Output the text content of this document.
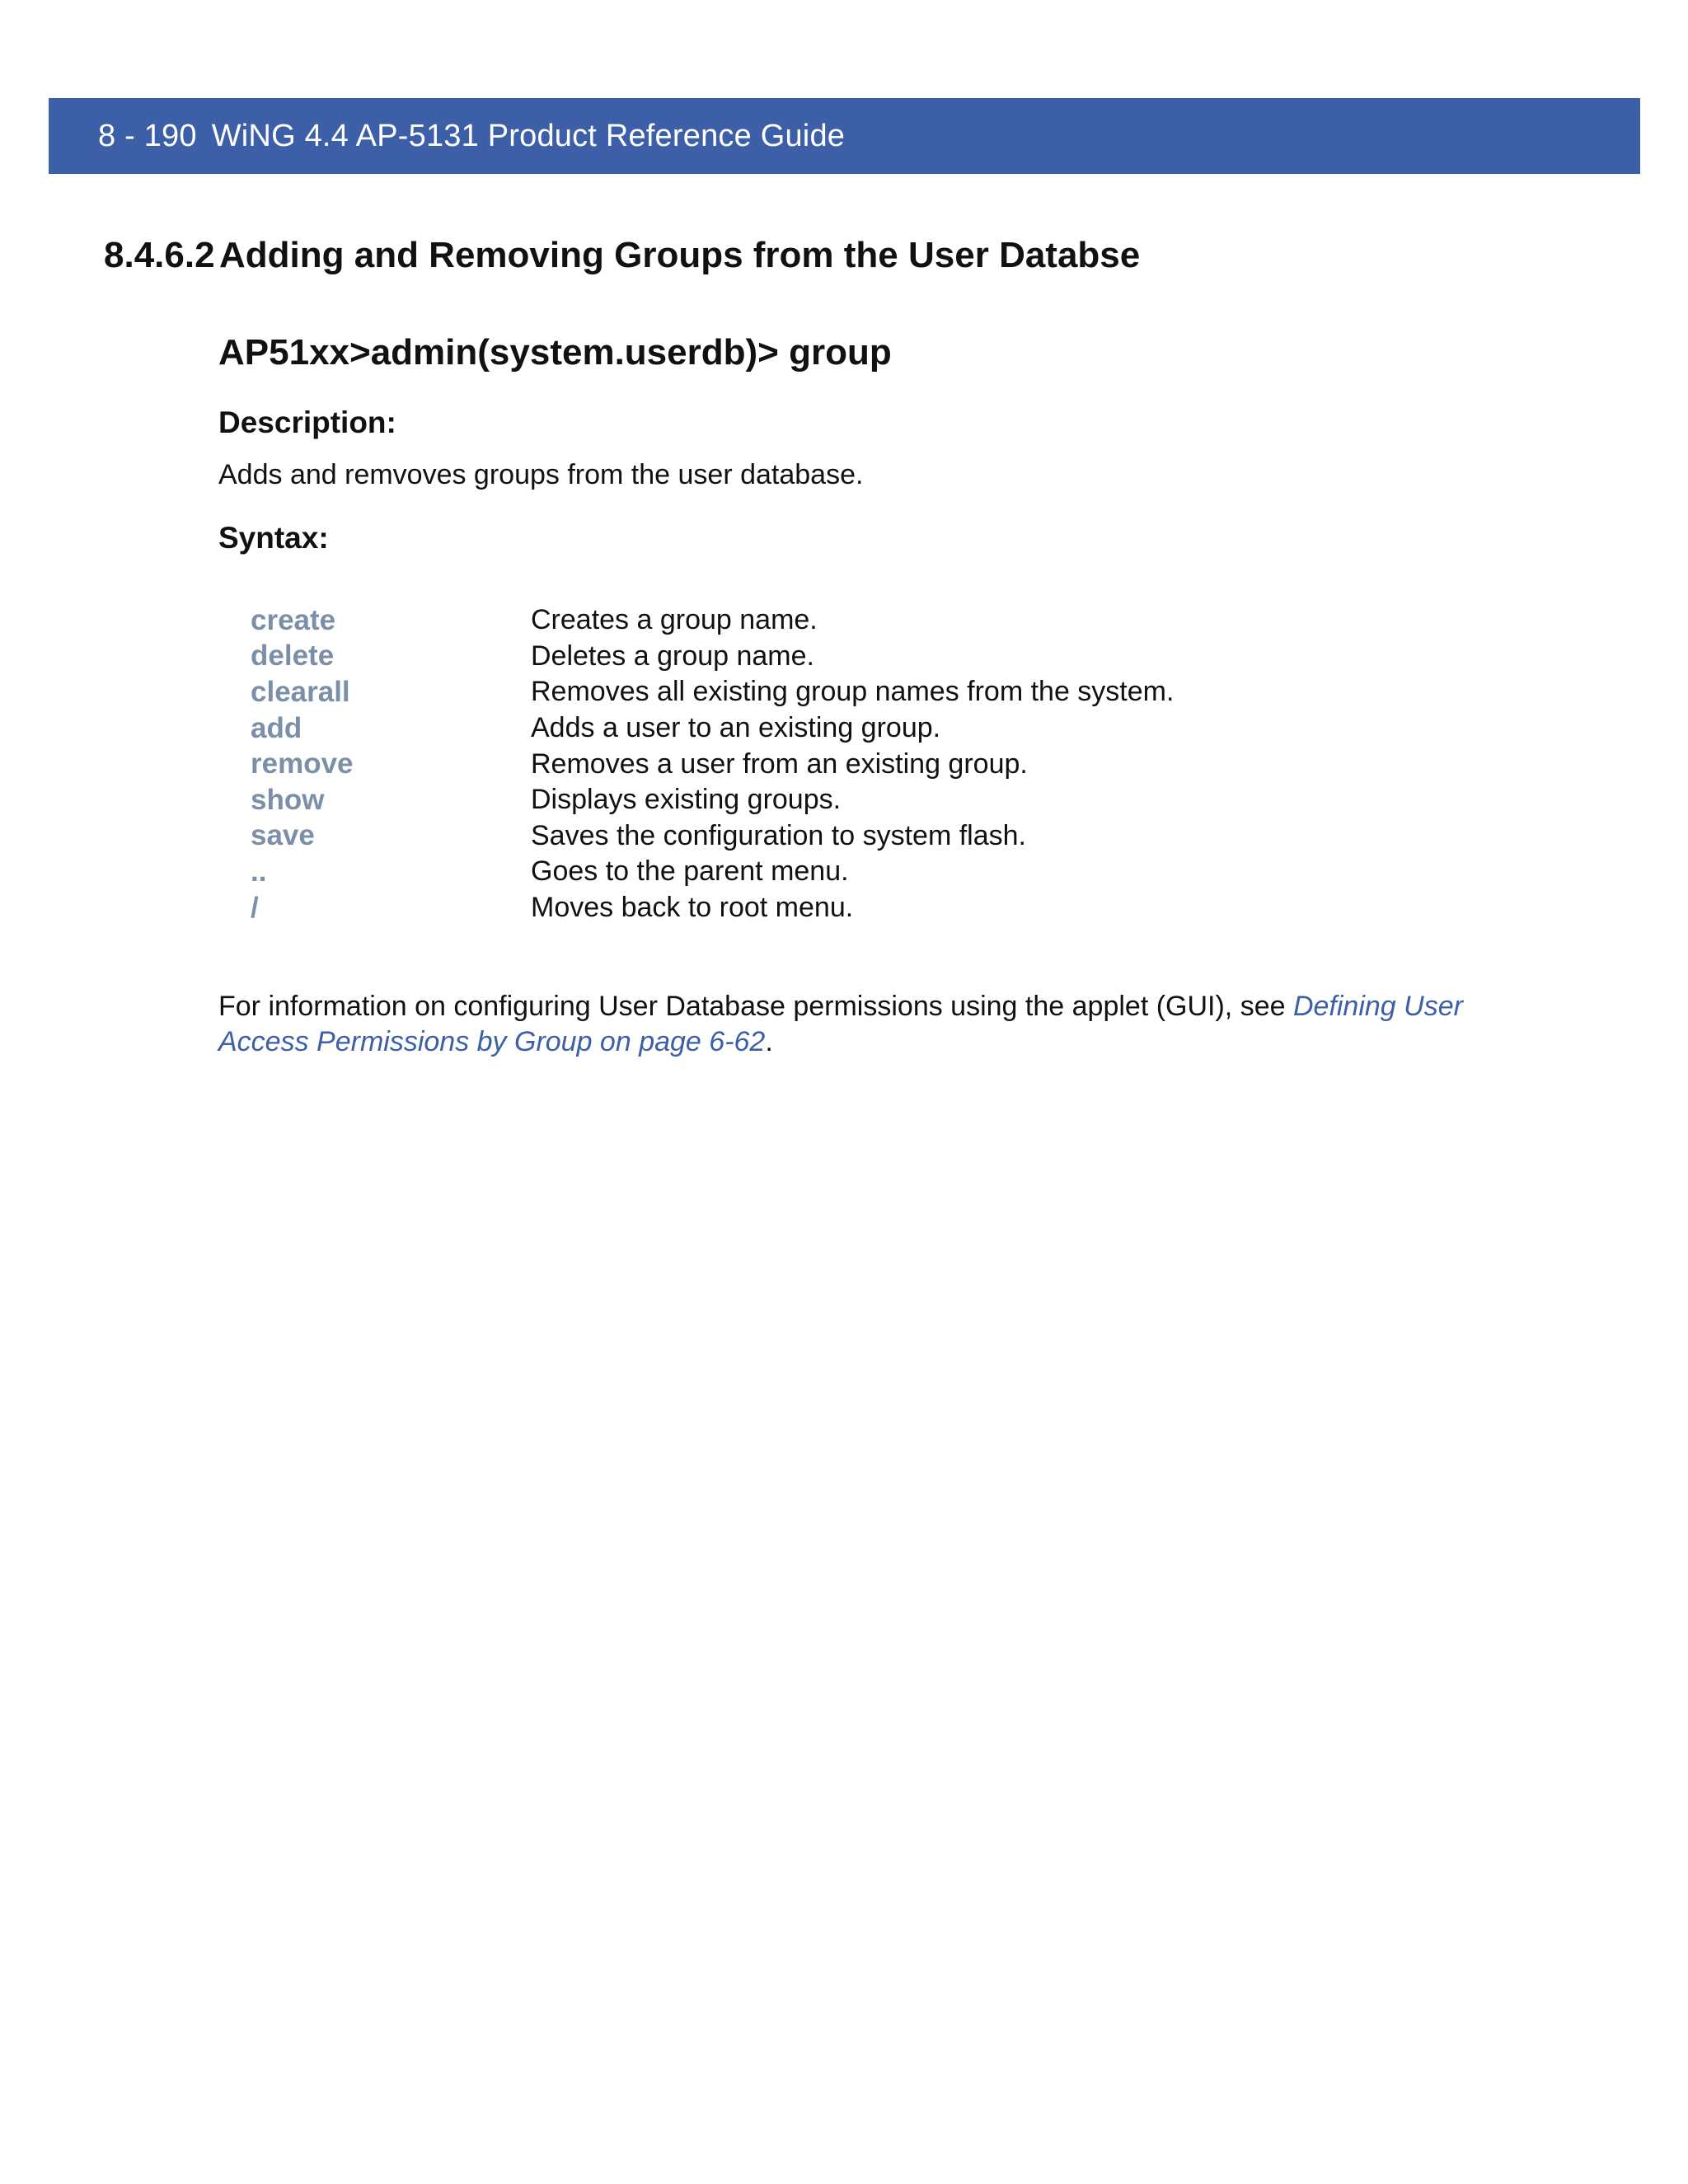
8 - 190 WiNG 4.4 AP-5131 Product Reference Guide
8.4.6.2 Adding and Removing Groups from the User Databse
AP51xx>admin(system.userdb)> group
Description:
Adds and remvoves groups from the user database.
Syntax:
create	Creates a group name.
delete	Deletes a group name.
clearall	Removes all existing group names from the system.
add	Adds a user to an existing group.
remove	Removes a user from an existing group.
show	Displays existing groups.
save	Saves the configuration to system flash.
..	Goes to the parent menu.
/	Moves back to root menu.
For information on configuring User Database permissions using the applet (GUI), see Defining User Access Permissions by Group on page 6-62.
